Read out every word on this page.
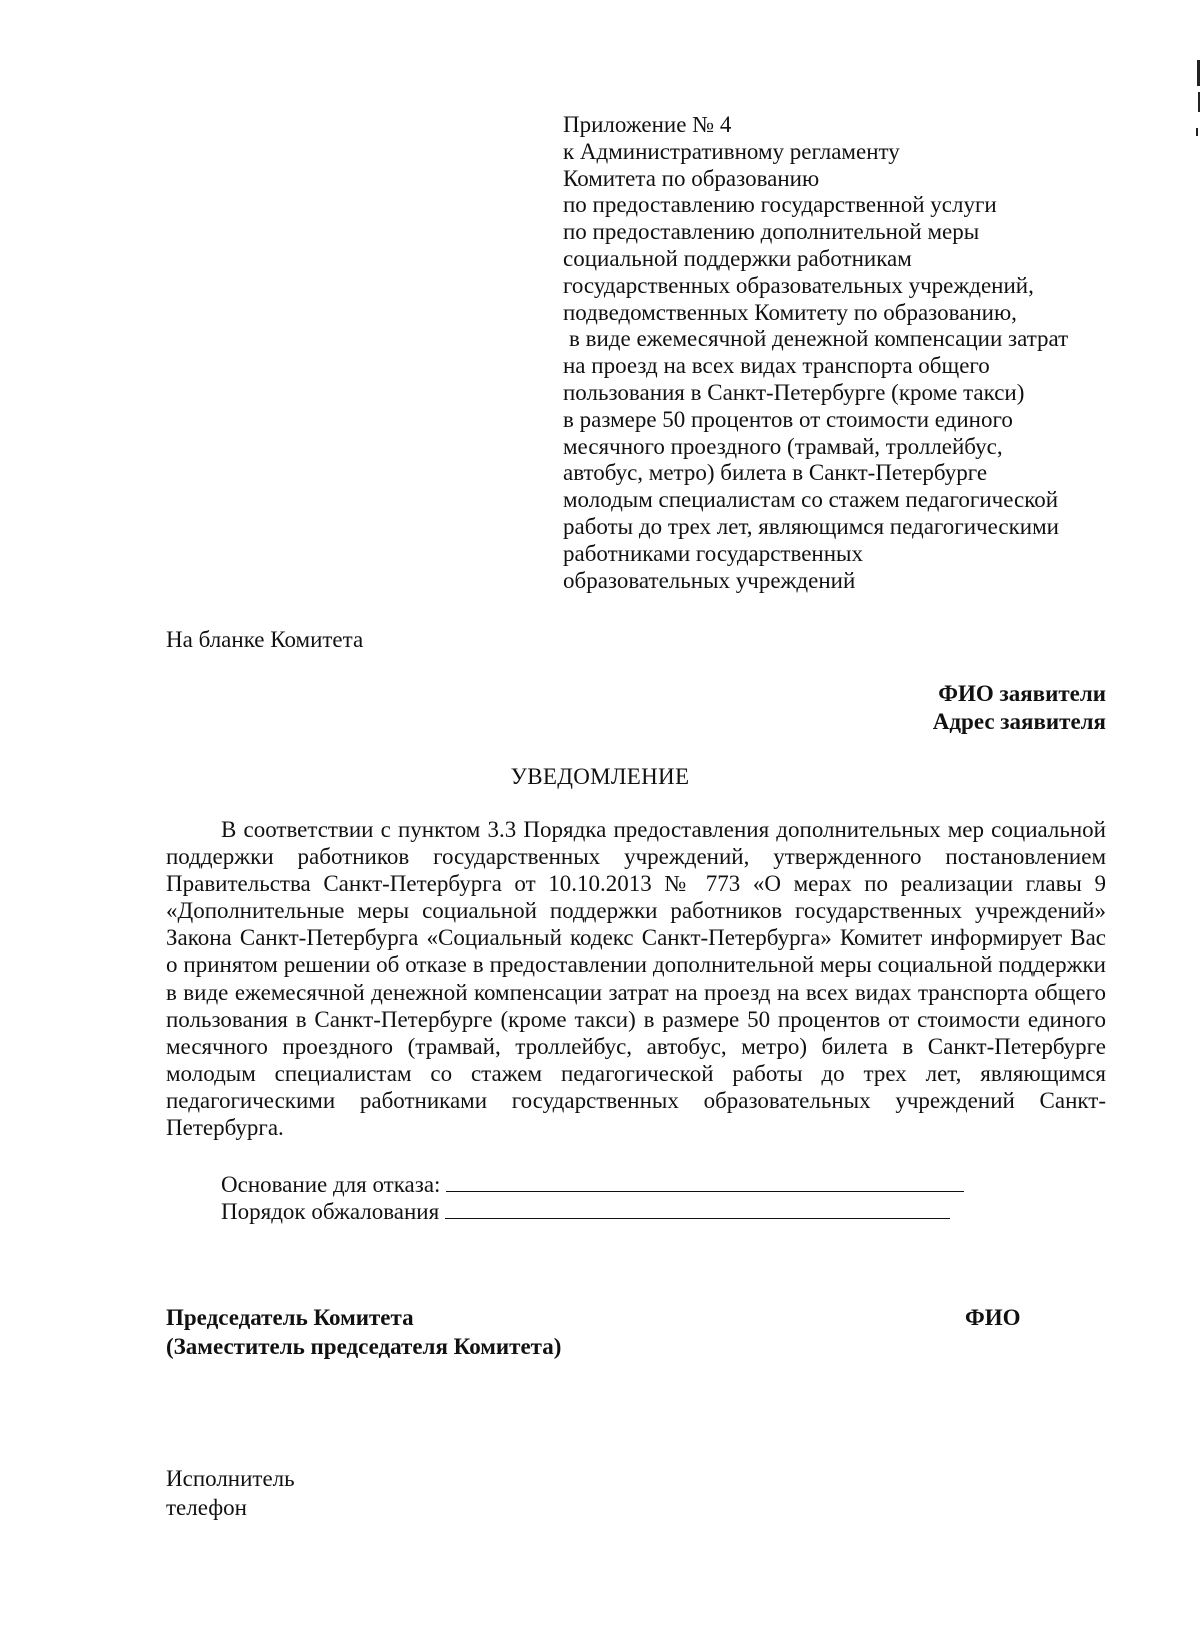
Приложение № 4
к Административному регламенту
Комитета по образованию
по предоставлению государственной услуги
по предоставлению дополнительной меры
социальной поддержки работникам
государственных образовательных учреждений,
подведомственных Комитету по образованию,
в виде ежемесячной денежной компенсации затрат
на проезд на всех видах транспорта общего
пользования в Санкт-Петербурге (кроме такси)
в размере 50 процентов от стоимости единого
месячного проездного (трамвай, троллейбус,
автобус, метро) билета в Санкт-Петербурге
молодым специалистам со стажем педагогической
работы до трех лет, являющимся педагогическими
работниками государственных
образовательных учреждений
На бланке Комитета
ФИО заявители
Адрес заявителя
УВЕДОМЛЕНИЕ

В соответствии с пунктом 3.3 Порядка предоставления дополнительных мер социальной поддержки работников государственных учреждений, утвержденного постановлением Правительства Санкт-Петербурга от 10.10.2013 № 773 «О мерах по реализации главы 9 «Дополнительные меры социальной поддержки работников государственных учреждений» Закона Санкт-Петербурга «Социальный кодекс Санкт-Петербурга» Комитет информирует Вас о принятом решении об отказе в предоставлении дополнительной меры социальной поддержки в виде ежемесячной денежной компенсации затрат на проезд на всех видах транспорта общего пользования в Санкт-Петербурге (кроме такси) в размере 50 процентов от стоимости единого месячного проездного (трамвай, троллейбус, автобус, метро) билета в Санкт-Петербурге молодым специалистам со стажем педагогической работы до трех лет, являющимся педагогическими работниками государственных образовательных учреждений Санкт-Петербурга.

Основание для отказа:
Порядок обжалования
Председатель Комитета
(Заместитель председателя Комитета)
ФИО
Исполнитель
телефон
